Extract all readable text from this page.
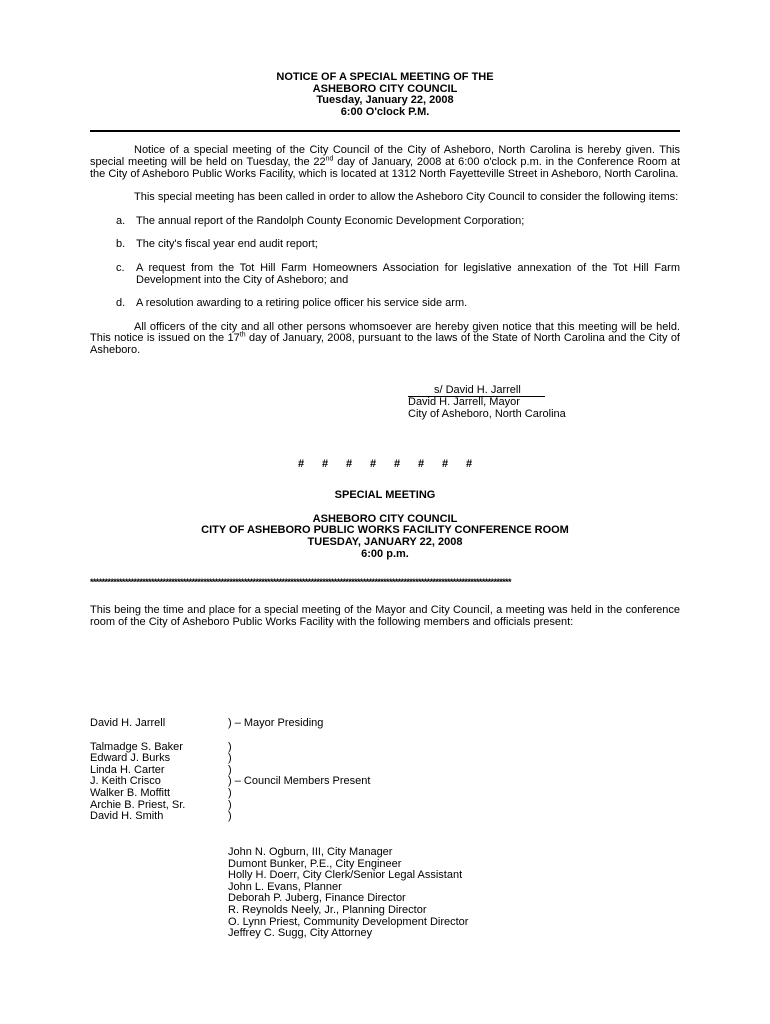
NOTICE OF A SPECIAL MEETING OF THE
ASHEBORO CITY COUNCIL
Tuesday, January 22, 2008
6:00 O'clock P.M.

Notice of a special meeting of the City Council of the City of Asheboro, North Carolina is hereby given. This special meeting will be held on Tuesday, the 22nd day of January, 2008 at 6:00 o'clock p.m. in the Conference Room at the City of Asheboro Public Works Facility, which is located at 1312 North Fayetteville Street in Asheboro, North Carolina.

This special meeting has been called in order to allow the Asheboro City Council to consider the following items:

a. The annual report of the Randolph County Economic Development Corporation;
b. The city's fiscal year end audit report;
c.	A request from the Tot Hill Farm Homeowners Association for legislative annexation of the Tot Hill Farm Development into the City of Asheboro; and
d. A resolution awarding to a retiring police officer his service side arm.

All officers of the city and all other persons whomsoever are hereby given notice that this meeting will be held. This notice is issued on the 17th day of January, 2008, pursuant to the laws of the State of North Carolina and the City of Asheboro.

s/ David H. Jarrell
David H. Jarrell, Mayor
City of Asheboro, North Carolina
# # # # # # # #
SPECIAL MEETING
ASHEBORO CITY COUNCIL
CITY OF ASHEBORO PUBLIC WORKS FACILITY CONFERENCE ROOM
TUESDAY, JANUARY 22, 2008
6:00 p.m.
*************************************************************************************************************************************************

This being the time and place for a special meeting of the Mayor and City Council, a meeting was held in the conference room of the City of Asheboro Public Works Facility with the following members and officials present:

David H. Jarrell	) – Mayor Presiding
Talmadge S. Baker	)
Edward J. Burks	)
Linda H. Carter	)
J. Keith Crisco	) – Council Members Present
Walker B. Moffitt	)
Archie B. Priest, Sr.	)
David H. Smith	)
John N. Ogburn, III, City Manager
Dumont Bunker, P.E., City Engineer
Holly H. Doerr, City Clerk/Senior Legal Assistant
John L. Evans, Planner
Deborah P. Juberg, Finance Director
R. Reynolds Neely, Jr., Planning Director
O. Lynn Priest, Community Development Director
Jeffrey C. Sugg, City Attorney
